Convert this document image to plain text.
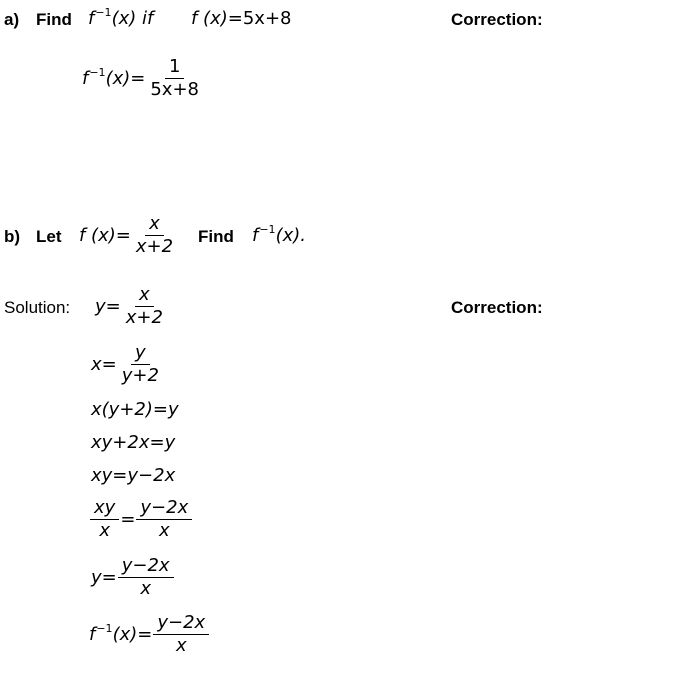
a) Find $f^{-1}(x)$ if f (x)=5x+8	Correction:
$f^{-1}(x)= \frac{1}{5x+8}$
b) Let f $(x)= \frac{x}{x+2}$ Find $f^{-1}(x)$.
Solution:	Correction:
$y= \frac{x}{x+2}$
$x= \frac{y}{y+2}$
x(y+2)=y
xy+2x=y
xy=y−2x
$\frac{xy}{x} = \frac{y-2x}{x}$
$y= \frac{y-2x}{x}$
$f^{-1}(x)= \frac{y-2x}{x}$
